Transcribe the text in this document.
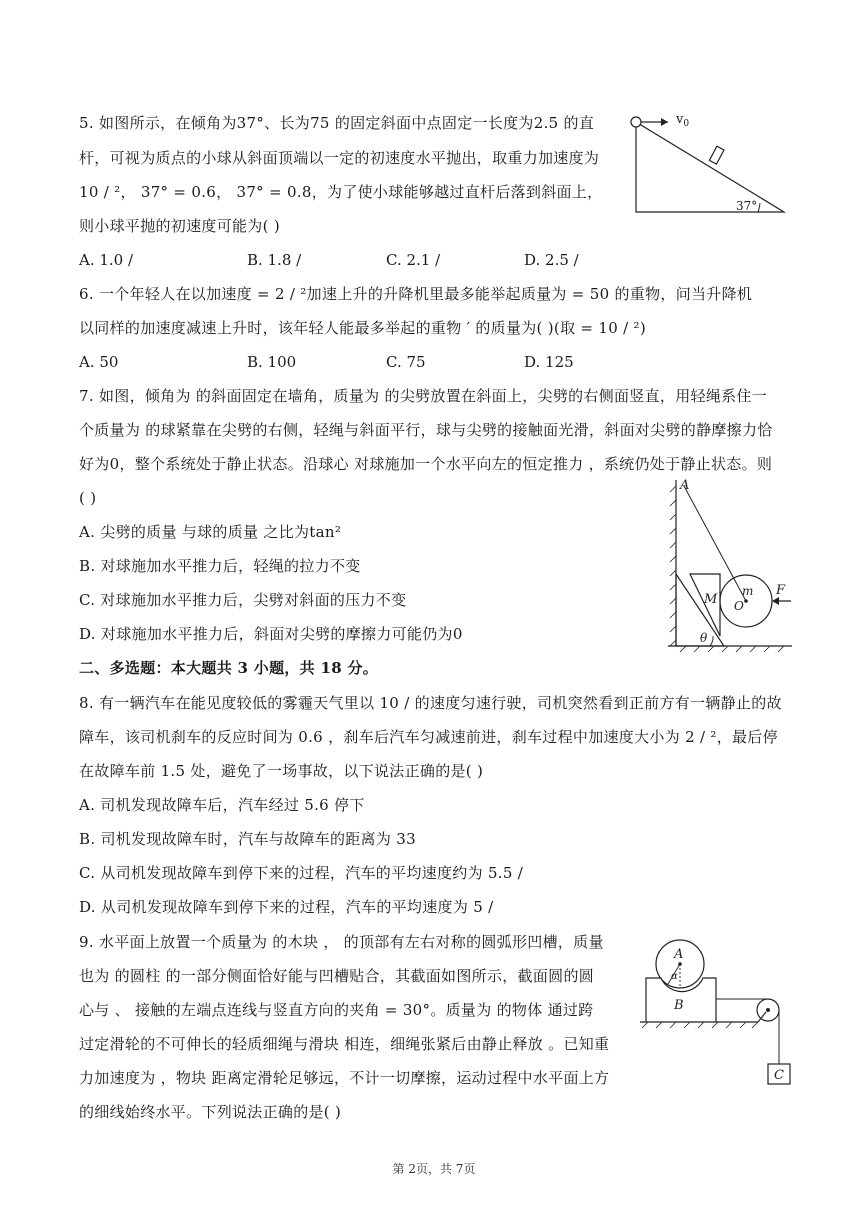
5. 如图所示，在倾角为37°、长为75 的固定斜面中点固定一长度为2.5 的直
杆，可视为质点的小球从斜面顶端以一定的初速度水平抛出，取重力加速度为
10 / ²， 37° = 0.6， 37° = 0.8，为了使小球能够越过直杆后落到斜面上，
则小球平抛的初速度可能为( )
A. 1.0 /	B. 1.8 /	C. 2.1 /	D. 2.5 /
$v_0$
37°
6. 一个年轻人在以加速度 = 2 / ²加速上升的升降机里最多能举起质量为 = 50 的重物，问当升降机
以同样的加速度减速上升时，该年轻人能最多举起的重物 ′ 的质量为( )(取 = 10 / ²)
A. 50	B. 100	C. 75	D. 125
7. 如图，倾角为 的斜面固定在墙角，质量为 的尖劈放置在斜面上，尖劈的右侧面竖直，用轻绳系住一
个质量为 的球紧靠在尖劈的右侧，轻绳与斜面平行，球与尖劈的接触面光滑，斜面对尖劈的静摩擦力恰
好为0，整个系统处于静止状态。沿球心 对球施加一个水平向左的恒定推力 ，系统仍处于静止状态。则
( )
A. 尖劈的质量 与球的质量 之比为tan²
B. 对球施加水平推力后，轻绳的拉力不变
C. 对球施加水平推力后，尖劈对斜面的压力不变
D. 对球施加水平推力后，斜面对尖劈的摩擦力可能仍为0
A
M
m
O
F
θ
二、多选题：本大题共 3 小题，共 18 分。
8. 有一辆汽车在能见度较低的雾霾天气里以 10 / 的速度匀速行驶，司机突然看到正前方有一辆静止的故
障车，该司机刹车的反应时间为 0.6 ，刹车后汽车匀减速前进，刹车过程中加速度大小为 2 / ²，最后停
在故障车前 1.5 处，避免了一场事故，以下说法正确的是( )
A. 司机发现故障车后，汽车经过 5.6 停下
B. 司机发现故障车时，汽车与故障车的距离为 33
C. 从司机发现故障车到停下来的过程，汽车的平均速度约为 5.5 /
D. 从司机发现故障车到停下来的过程，汽车的平均速度为 5 /
9. 水平面上放置一个质量为 的木块 ， 的顶部有左右对称的圆弧形凹槽，质量
也为 的圆柱 的一部分侧面恰好能与凹槽贴合，其截面如图所示，截面圆的圆
心与 、 接触的左端点连线与竖直方向的夹角 = 30°。质量为 的物体 通过跨
过定滑轮的不可伸长的轻质细绳与滑块 相连，细绳张紧后由静止释放 。已知重
力加速度为 ，物块 距离定滑轮足够远，不计一切摩擦，运动过程中水平面上方
的细线始终水平。下列说法正确的是( )
A
B
C
α
第 2页，共 7页
